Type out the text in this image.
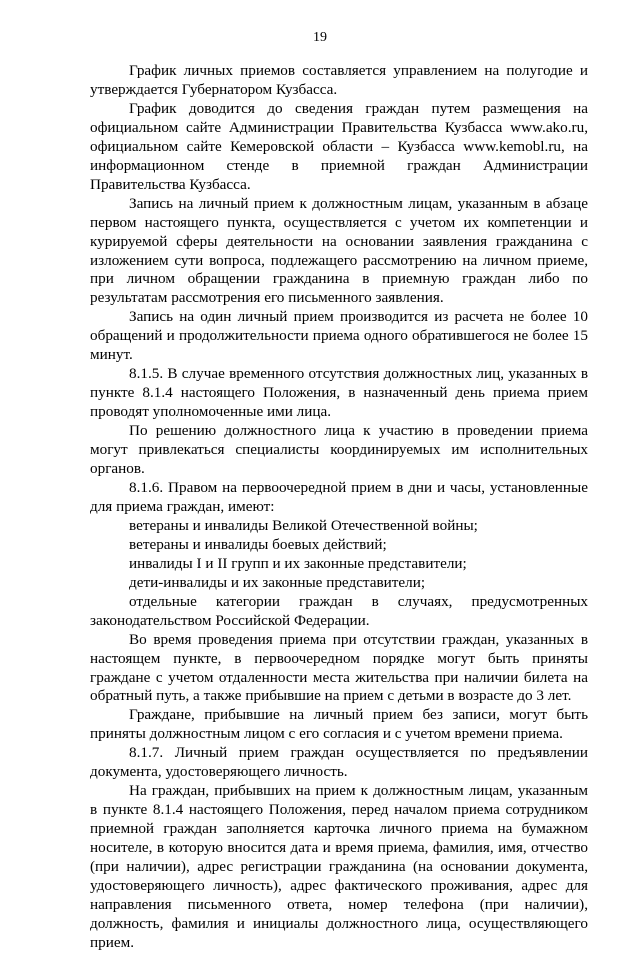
19

График личных приемов составляется управлением на полугодие и утверждается Губернатором Кузбасса.

График доводится до сведения граждан путем размещения на официальном сайте Администрации Правительства Кузбасса www.ako.ru, официальном сайте Кемеровской области – Кузбасса www.kemobl.ru, на информационном стенде в приемной граждан Администрации Правительства Кузбасса.

Запись на личный прием к должностным лицам, указанным в абзаце первом настоящего пункта, осуществляется с учетом их компетенции и курируемой сферы деятельности на основании заявления гражданина с изложением сути вопроса, подлежащего рассмотрению на личном приеме, при личном обращении гражданина в приемную граждан либо по результатам рассмотрения его письменного заявления.

Запись на один личный прием производится из расчета не более 10 обращений и продолжительности приема одного обратившегося не более 15 минут.

8.1.5. В случае временного отсутствия должностных лиц, указанных в пункте 8.1.4 настоящего Положения, в назначенный день приема прием проводят уполномоченные ими лица.

По решению должностного лица к участию в проведении приема могут привлекаться специалисты координируемых им исполнительных органов.

8.1.6. Правом на первоочередной прием в дни и часы, установленные для приема граждан, имеют:

ветераны и инвалиды Великой Отечественной войны;

ветераны и инвалиды боевых действий;

инвалиды I и II групп и их законные представители;

дети-инвалиды и их законные представители;

отдельные категории граждан в случаях, предусмотренных законодательством Российской Федерации.

Во время проведения приема при отсутствии граждан, указанных в настоящем пункте, в первоочередном порядке могут быть приняты граждане с учетом отдаленности места жительства при наличии билета на обратный путь, а также прибывшие на прием с детьми в возрасте до 3 лет.

Граждане, прибывшие на личный прием без записи, могут быть приняты должностным лицом с его согласия и с учетом времени приема.

8.1.7. Личный прием граждан осуществляется по предъявлении документа, удостоверяющего личность.

На граждан, прибывших на прием к должностным лицам, указанным в пункте 8.1.4 настоящего Положения, перед началом приема сотрудником приемной граждан заполняется карточка личного приема на бумажном носителе, в которую вносится дата и время приема, фамилия, имя, отчество (при наличии), адрес регистрации гражданина (на основании документа, удостоверяющего личность), адрес фактического проживания, адрес для направления письменного ответа, номер телефона (при наличии), должность, фамилия и инициалы должностного лица, осуществляющего прием.
